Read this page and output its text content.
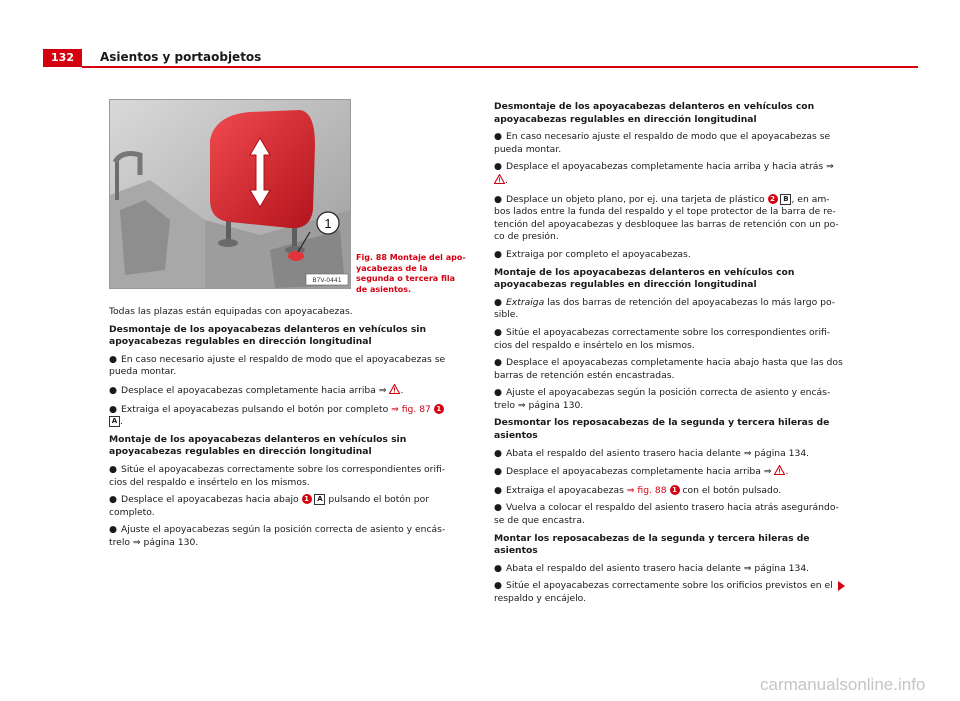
132	Asientos y portaobjetos
1
B7V-0441
Fig. 88 Montaje del apo- yacabezas de la segunda o tercera fila de asientos.

Todas las plazas están equipadas con apoyacabezas.

Desmontaje de los apoyacabezas delanteros en vehículos sin apoyacabezas regulables en dirección longitudinal

● En caso necesario ajuste el respaldo de modo que el apoyacabezas se pueda montar.

● Desplace el apoyacabezas completamente hacia arriba ⇒ .

● Extraiga el apoyacabezas pulsando el botón por completo ⇒ fig. 87 1
A .

Montaje de los apoyacabezas delanteros en vehículos sin apoyacabezas regulables en dirección longitudinal

● Sitúe el apoyacabezas correctamente sobre los correspondientes orifi- cios del respaldo e insértelo en los mismos.

● Desplace el apoyacabezas hacia abajo 1 A pulsando el botón por completo.

● Ajuste el apoyacabezas según la posición correcta de asiento y encás- trelo ⇒ página 130.

Desmontaje de los apoyacabezas delanteros en vehículos con apoyacabezas regulables en dirección longitudinal

● En caso necesario ajuste el respaldo de modo que el apoyacabezas se pueda montar.

● Desplace el apoyacabezas completamente hacia arriba y hacia atrás ⇒ .

● Desplace un objeto plano, por ej. una tarjeta de plástico 2 B , en am- bos lados entre la funda del respaldo y el tope protector de la barra de re- tención del apoyacabezas y desbloquee las barras de retención con un po- co de presión.

● Extraiga por completo el apoyacabezas.

Montaje de los apoyacabezas delanteros en vehículos con apoyacabezas regulables en dirección longitudinal

● Extraiga las dos barras de retención del apoyacabezas lo más largo po- sible.

● Sitúe el apoyacabezas correctamente sobre los correspondientes orifi- cios del respaldo e insértelo en los mismos.

● Desplace el apoyacabezas completamente hacia abajo hasta que las dos barras de retención estén encastradas.

● Ajuste el apoyacabezas según la posición correcta de asiento y encás- trelo ⇒ página 130.

Desmontar los reposacabezas de la segunda y tercera hileras de asientos

● Abata el respaldo del asiento trasero hacia delante ⇒ página 134.

● Desplace el apoyacabezas completamente hacia arriba ⇒ .

● Extraiga el apoyacabezas ⇒ fig. 88 1 con el botón pulsado.

● Vuelva a colocar el respaldo del asiento trasero hacia atrás asegurándo- se de que encastra.

Montar los reposacabezas de la segunda y tercera hileras de asientos

● Abata el respaldo del asiento trasero hacia delante ⇒ página 134.

● Sitúe el apoyacabezas correctamente sobre los orificios previstos en el respaldo y encájelo.

carmanualsonline.info
